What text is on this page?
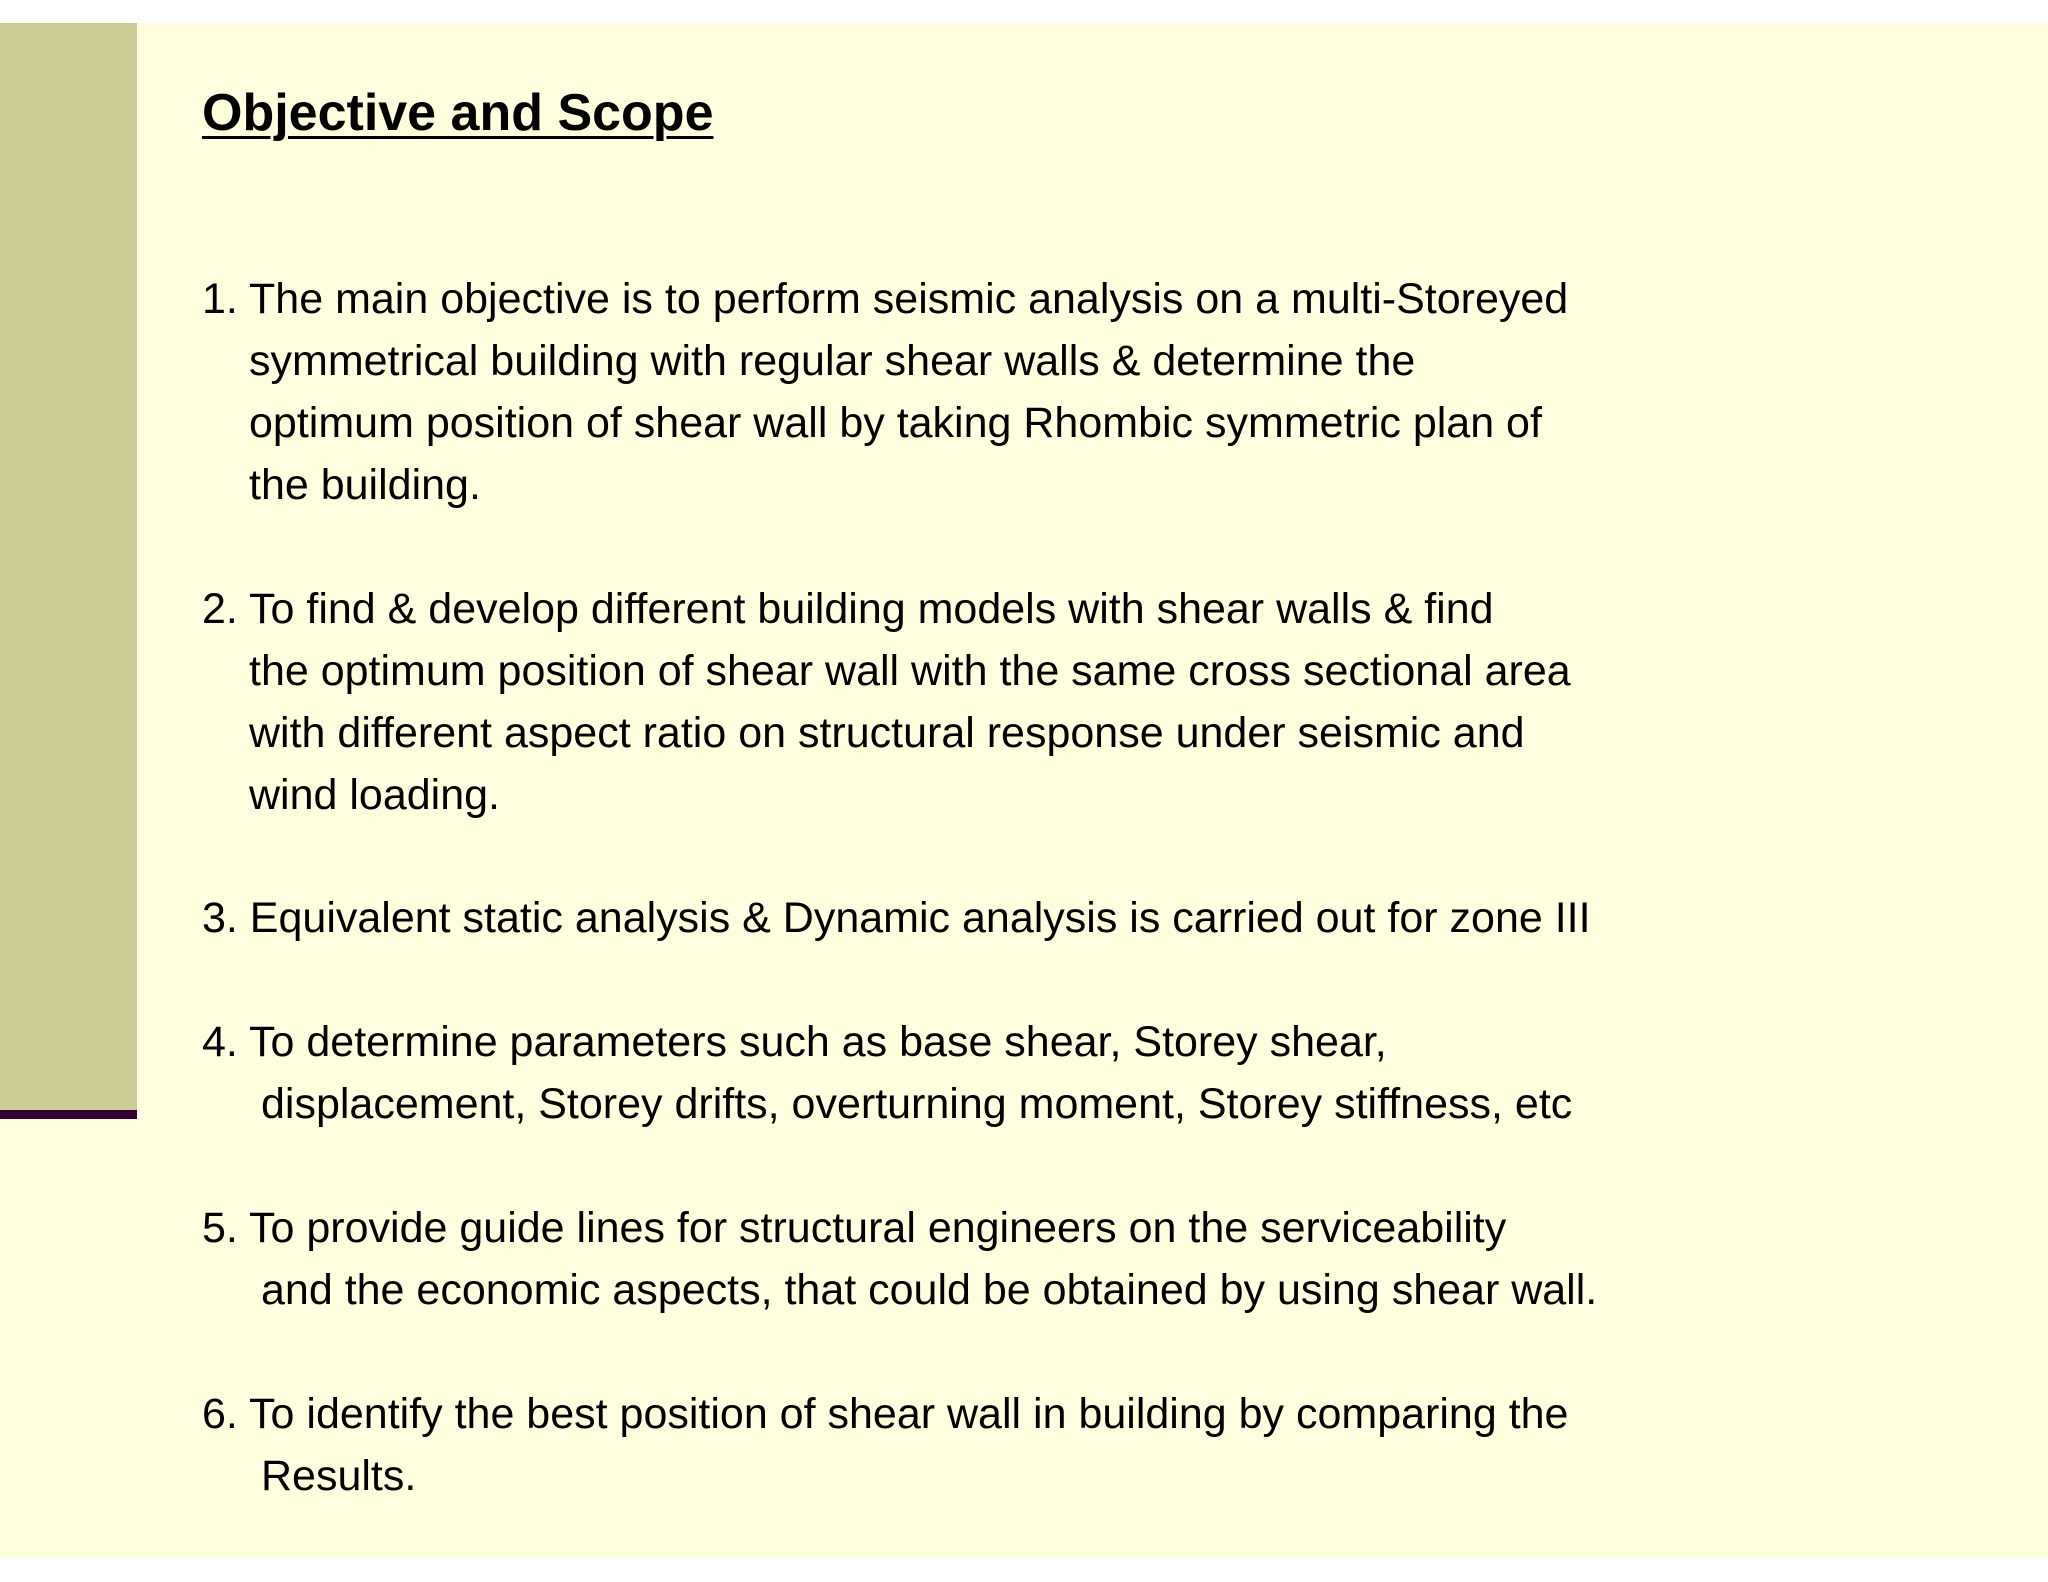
Objective and Scope

1. The main objective is to perform seismic analysis on a multi-Storeyed
symmetrical building with regular shear walls & determine the
optimum position of shear wall by taking Rhombic symmetric plan of
the building.

2. To find & develop different building models with shear walls & find
the optimum position of shear wall with the same cross sectional area
with different aspect ratio on structural response under seismic and
wind loading.

3. Equivalent static analysis & Dynamic analysis is carried out for zone III

4. To determine parameters such as base shear, Storey shear,
displacement, Storey drifts, overturning moment, Storey stiffness, etc

5. To provide guide lines for structural engineers on the serviceability
and the economic aspects, that could be obtained by using shear wall.

6. To identify the best position of shear wall in building by comparing the
Results.
